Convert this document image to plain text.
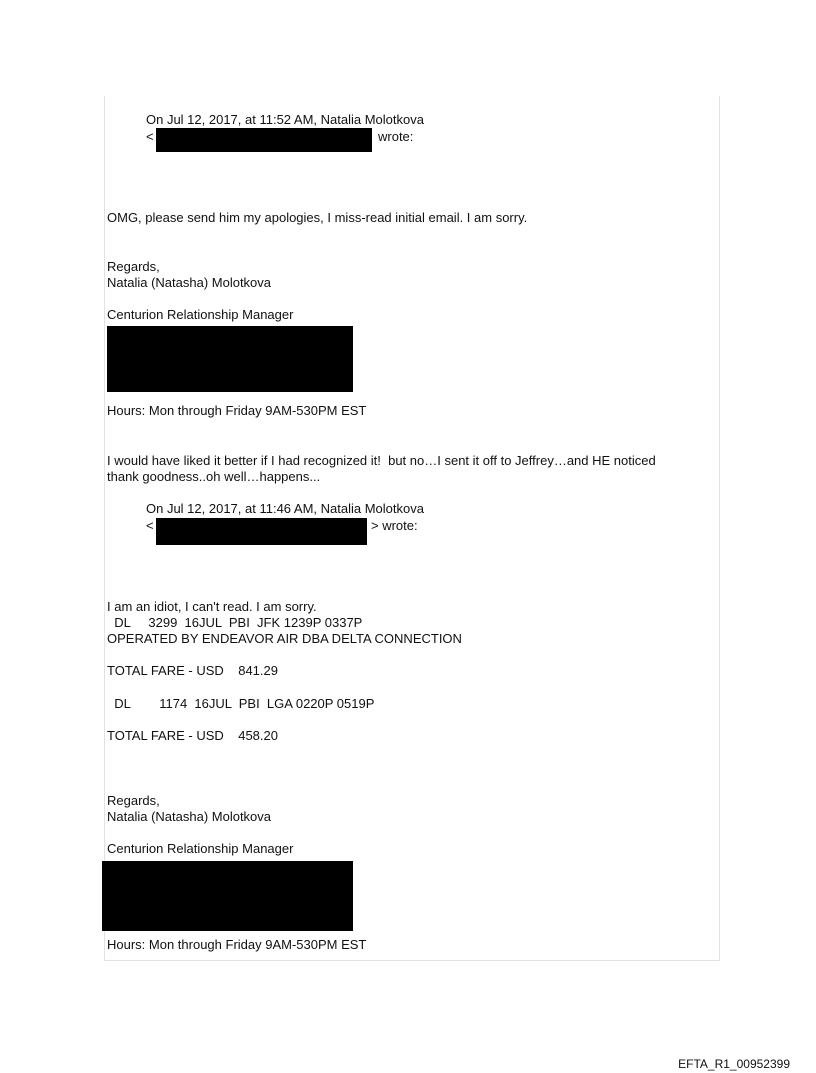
On Jul 12, 2017, at 11:52 AM, Natalia Molotkova
<	wrote:
OMG, please send him my apologies, I miss-read initial email. I am sorry.
Regards,
Natalia (Natasha) Molotkova
Centurion Relationship Manager
Hours: Mon through Friday 9AM-530PM EST
I would have liked it better if I had recognized it!  but no…I sent it off to Jeffrey…and HE noticed
thank goodness..oh well…happens...
On Jul 12, 2017, at 11:46 AM, Natalia Molotkova
<	> wrote:
I am an idiot, I can't read. I am sorry.
DL     3299  16JUL  PBI  JFK 1239P 0337P
OPERATED BY ENDEAVOR AIR DBA DELTA CONNECTION
TOTAL FARE - USD    841.29
DL        1174  16JUL  PBI  LGA 0220P 0519P
TOTAL FARE - USD    458.20
Regards,
Natalia (Natasha) Molotkova
Centurion Relationship Manager
Hours: Mon through Friday 9AM-530PM EST
EFTA_R1_00952399
